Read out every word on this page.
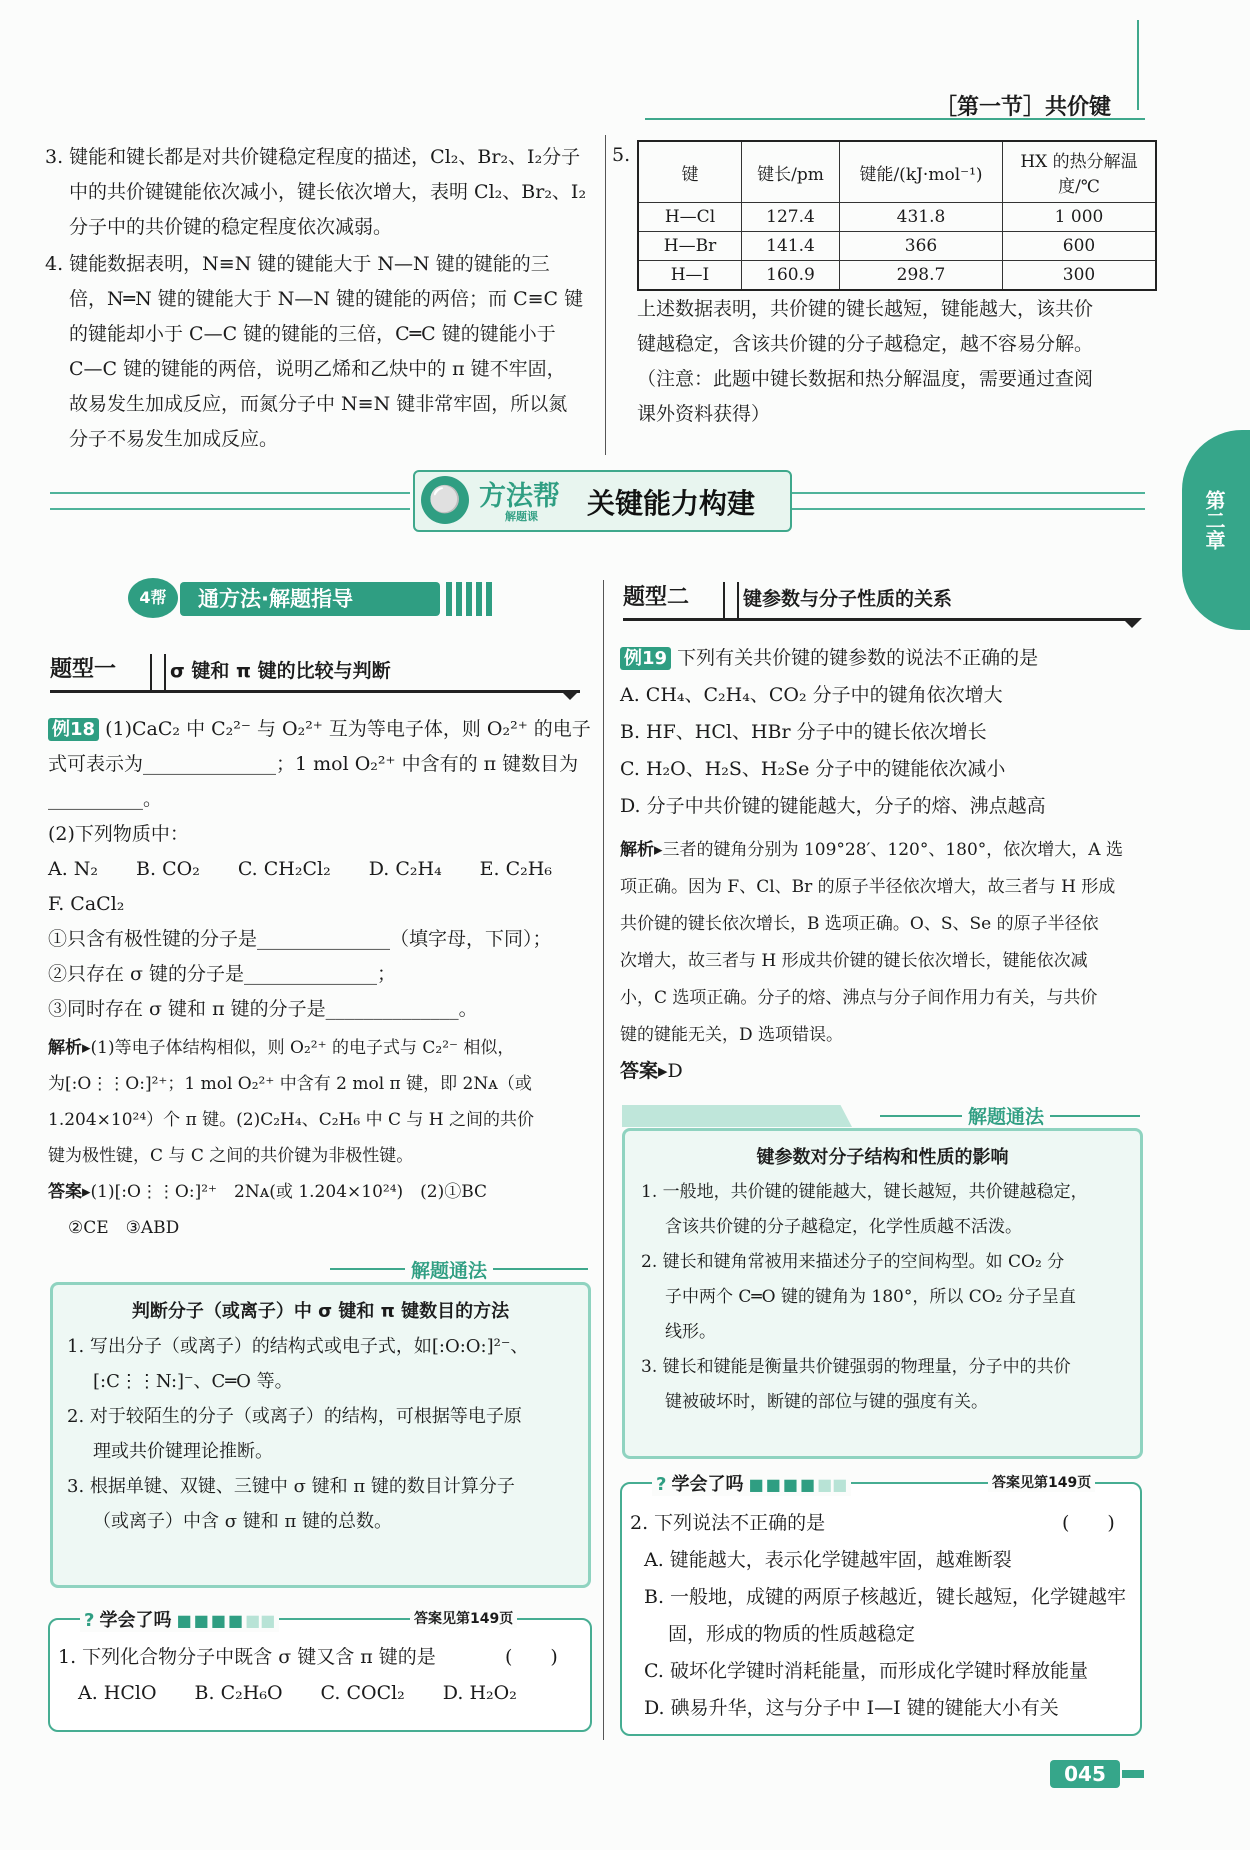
［第一节］共价键
第二章
3. 键能和键长都是对共价键稳定程度的描述，Cl₂、Br₂、I₂分子
中的共价键键能依次减小，键长依次增大，表明 Cl₂、Br₂、I₂
分子中的共价键的稳定程度依次减弱。
4. 键能数据表明，N≡N 键的键能大于 N—N 键的键能的三
倍，N═N 键的键能大于 N—N 键的键能的两倍；而 C≡C 键
的键能却小于 C—C 键的键能的三倍，C═C 键的键能小于
C—C 键的键能的两倍，说明乙烯和乙炔中的 π 键不牢固，
故易发生加成反应，而氮分子中 N≡N 键非常牢固，所以氮
分子不易发生加成反应。
5.
键	键长/pm	键能/(kJ·mol⁻¹)	HX 的热分解温度/℃
H—Cl	127.4	431.8	1 000
H—Br	141.4	366	600
H—I	160.9	298.7	300
上述数据表明，共价键的键长越短，键能越大，该共价
键越稳定，含该共价键的分子越稳定，越不容易分解。
（注意：此题中键长数据和热分解温度，需要通过查阅
课外资料获得）
⚪ 方法帮
解题课 关键能力构建
4帮	通方法·解题指导
题型一	σ 键和 π 键的比较与判断
例18 (1)CaC₂ 中 C₂²⁻ 与 O₂²⁺ 互为等电子体，则 O₂²⁺ 的电子
式可表示为______________；1 mol O₂²⁺ 中含有的 π 键数目为
__________。
(2)下列物质中：
A. N₂　　B. CO₂　　C. CH₂Cl₂　　D. C₂H₄　　E. C₂H₆
F. CaCl₂
①只含有极性键的分子是______________（填字母，下同）；
②只存在 σ 键的分子是______________；
③同时存在 σ 键和 π 键的分子是______________。
解析▸(1)等电子体结构相似，则 O₂²⁺ 的电子式与 C₂²⁻ 相似，
为[:O⋮⋮O:]²⁺；1 mol O₂²⁺ 中含有 2 mol π 键，即 2Nᴀ（或
1.204×10²⁴）个 π 键。(2)C₂H₄、C₂H₆ 中 C 与 H 之间的共价
键为极性键，C 与 C 之间的共价键为非极性键。
答案▸(1)[:O⋮⋮O:]²⁺　2Nᴀ(或 1.204×10²⁴)　(2)①BC
②CE　③ABD
解题通法
判断分子（或离子）中 σ 键和 π 键数目的方法
1. 写出分子（或离子）的结构式或电子式，如[:O:O:]²⁻、
[:C⋮⋮N:]⁻、C═O 等。
2. 对于较陌生的分子（或离子）的结构，可根据等电子原
理或共价键理论推断。
3. 根据单键、双键、三键中 σ 键和 π 键的数目计算分子
（或离子）中含 σ 键和 π 键的总数。
? 学会了吗 ■■■■■■	答案见第149页
1. 下列化合物分子中既含 σ 键又含 π 键的是	(　　)
A. HClO　　B. C₂H₆O　　C. COCl₂　　D. H₂O₂
题型二	键参数与分子性质的关系
例19 下列有关共价键的键参数的说法不正确的是
A. CH₄、C₂H₄、CO₂ 分子中的键角依次增大
B. HF、HCl、HBr 分子中的键长依次增长
C. H₂O、H₂S、H₂Se 分子中的键能依次减小
D. 分子中共价键的键能越大，分子的熔、沸点越高
解析▸三者的键角分别为 109°28′、120°、180°，依次增大，A 选
项正确。因为 F、Cl、Br 的原子半径依次增大，故三者与 H 形成
共价键的键长依次增长，B 选项正确。O、S、Se 的原子半径依
次增大，故三者与 H 形成共价键的键长依次增长，键能依次减
小，C 选项正确。分子的熔、沸点与分子间作用力有关，与共价
键的键能无关，D 选项错误。
答案▸D
解题通法
键参数对分子结构和性质的影响
1. 一般地，共价键的键能越大，键长越短，共价键越稳定，
含该共价键的分子越稳定，化学性质越不活泼。
2. 键长和键角常被用来描述分子的空间构型。如 CO₂ 分
子中两个 C═O 键的键角为 180°，所以 CO₂ 分子呈直
线形。
3. 键长和键能是衡量共价键强弱的物理量，分子中的共价
键被破坏时，断键的部位与键的强度有关。
? 学会了吗 ■■■■■■	答案见第149页
2. 下列说法不正确的是	(　　)
A. 键能越大，表示化学键越牢固，越难断裂
B. 一般地，成键的两原子核越近，键长越短，化学键越牢
固，形成的物质的性质越稳定
C. 破坏化学键时消耗能量，而形成化学键时释放能量
D. 碘易升华，这与分子中 I—I 键的键能大小有关
045
